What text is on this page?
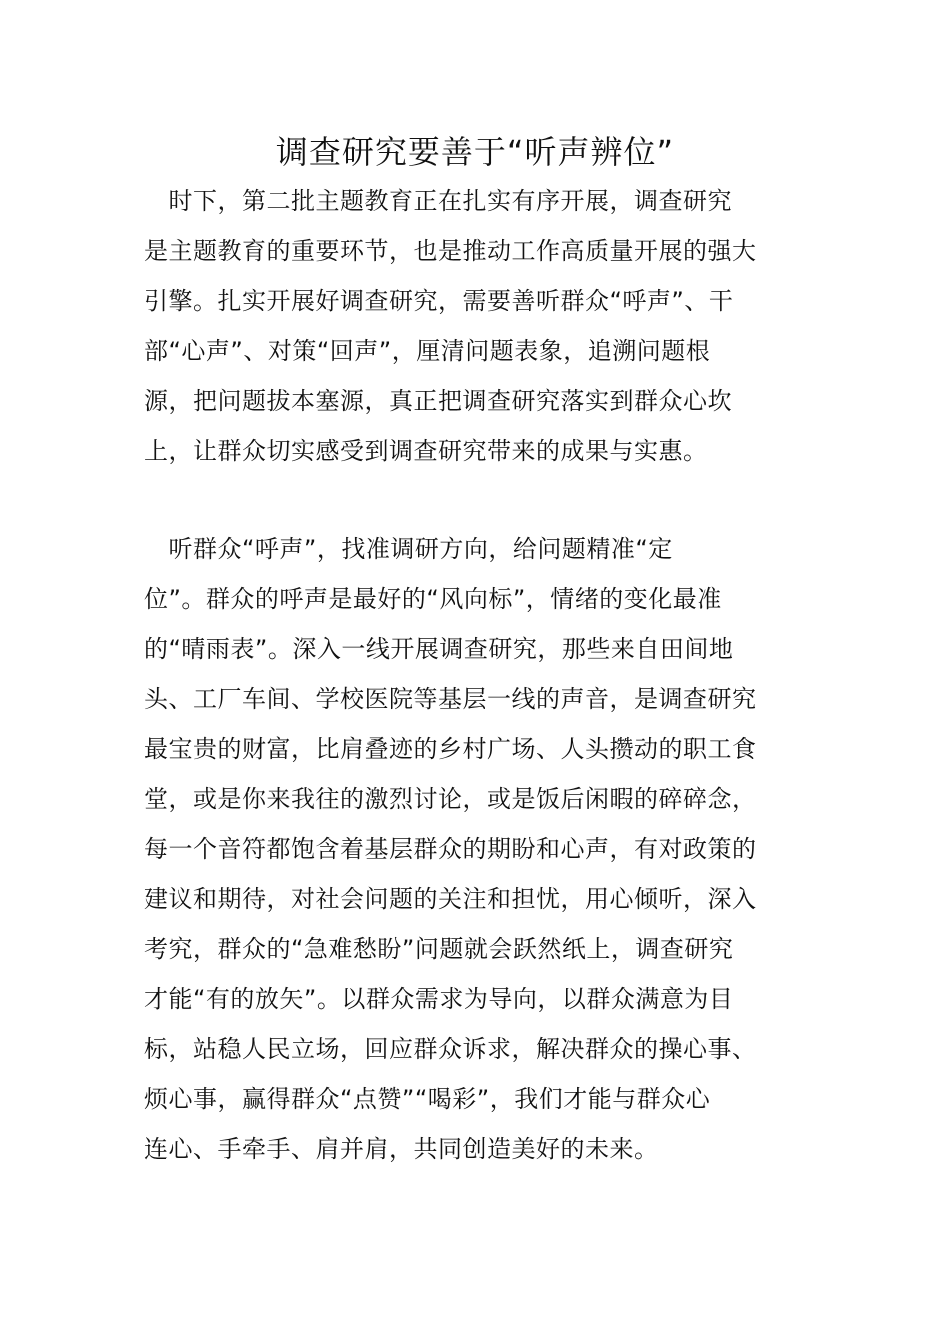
调查研究要善于“听声辨位”
　时下，第二批主题教育正在扎实有序开展，调查研究
是主题教育的重要环节，也是推动工作高质量开展的强大
引擎。扎实开展好调查研究，需要善听群众“呼声”、干
部“心声”、对策“回声”，厘清问题表象，追溯问题根
源，把问题拔本塞源，真正把调查研究落实到群众心坎
上，让群众切实感受到调查研究带来的成果与实惠。
　听群众“呼声”，找准调研方向，给问题精准“定
位”。群众的呼声是最好的“风向标”，情绪的变化最准
的“晴雨表”。深入一线开展调查研究，那些来自田间地
头、工厂车间、学校医院等基层一线的声音，是调查研究
最宝贵的财富，比肩叠迹的乡村广场、人头攒动的职工食
堂，或是你来我往的激烈讨论，或是饭后闲暇的碎碎念，
每一个音符都饱含着基层群众的期盼和心声，有对政策的
建议和期待，对社会问题的关注和担忧，用心倾听，深入
考究，群众的“急难愁盼”问题就会跃然纸上，调查研究
才能“有的放矢”。以群众需求为导向，以群众满意为目
标，站稳人民立场，回应群众诉求，解决群众的操心事、
烦心事，赢得群众“点赞”“喝彩”，我们才能与群众心
连心、手牵手、肩并肩，共同创造美好的未来。
